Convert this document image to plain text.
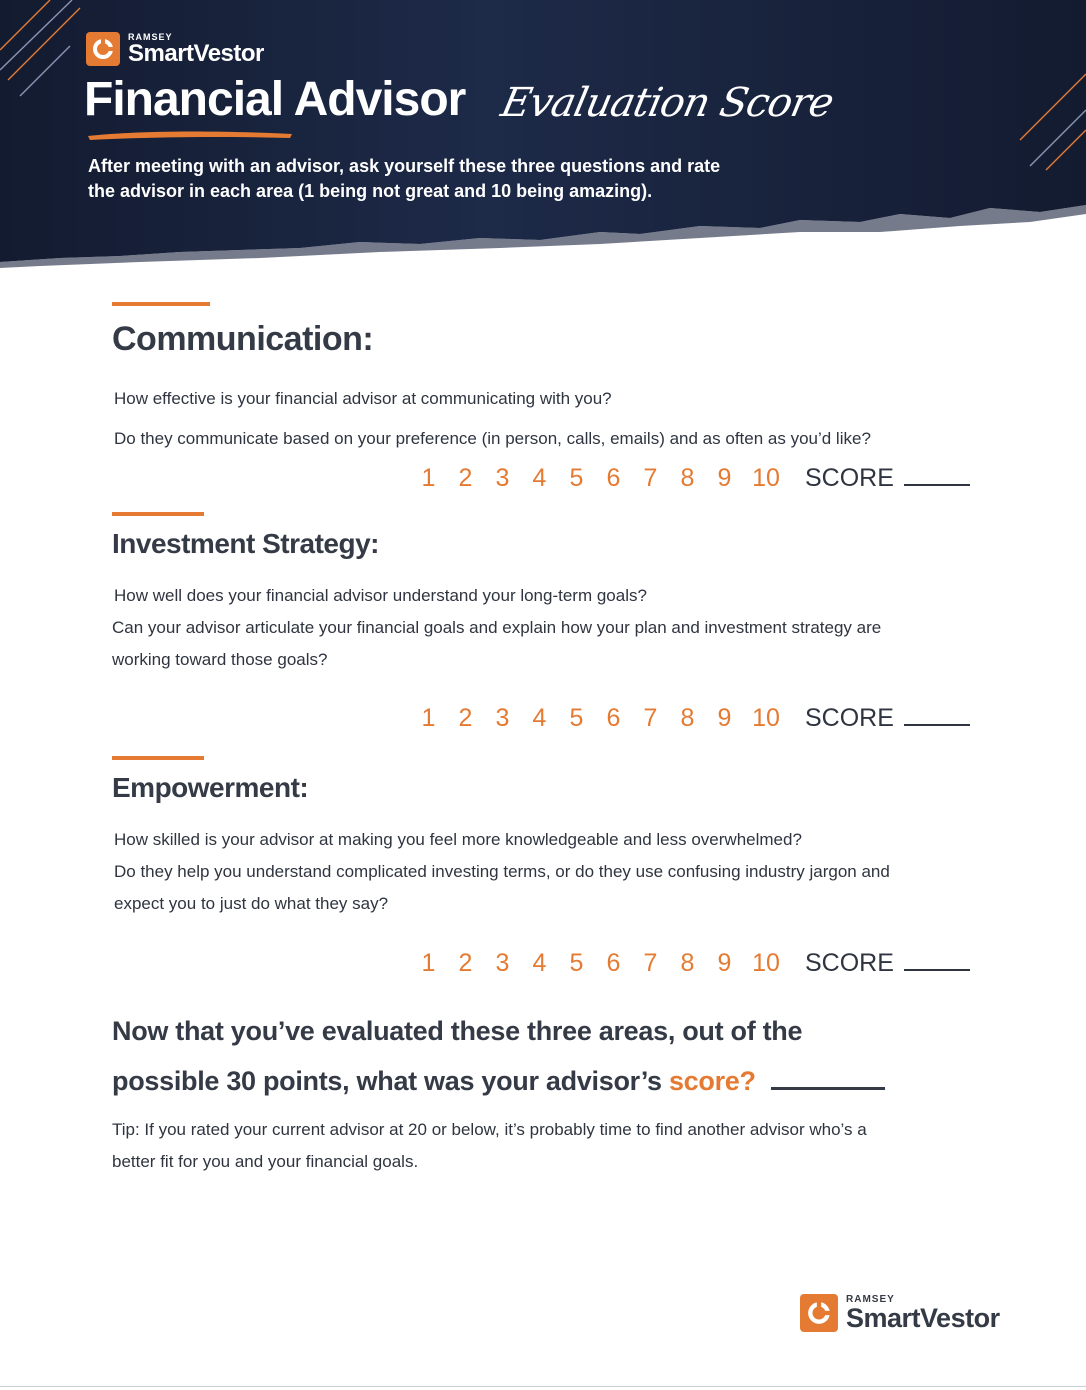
RAMSEY
SmartVestor
Financial Advisor Evaluation Score
After meeting with an advisor, ask yourself these three questions and rate
the advisor in each area (1 being not great and 10 being amazing).
Communication:
How effective is your financial advisor at communicating with you?
Do they communicate based on your preference (in person, calls, emails) and as often as you’d like?
1 2 3 4 5 6 7 8 9 10	SCORE
Investment Strategy:
How well does your financial advisor understand your long-term goals?
Can your advisor articulate your financial goals and explain how your plan and investment strategy are
working toward those goals?
1 2 3 4 5 6 7 8 9 10	SCORE
Empowerment:
How skilled is your advisor at making you feel more knowledgeable and less overwhelmed?
Do they help you understand complicated investing terms, or do they use confusing industry jargon and
expect you to just do what they say?
1 2 3 4 5 6 7 8 9 10	SCORE
Now that you’ve evaluated these three areas, out of the
possible 30 points, what was your advisor’s score?
Tip: If you rated your current advisor at 20 or below, it’s probably time to find another advisor who’s a
better fit for you and your financial goals.
RAMSEY
SmartVestor
